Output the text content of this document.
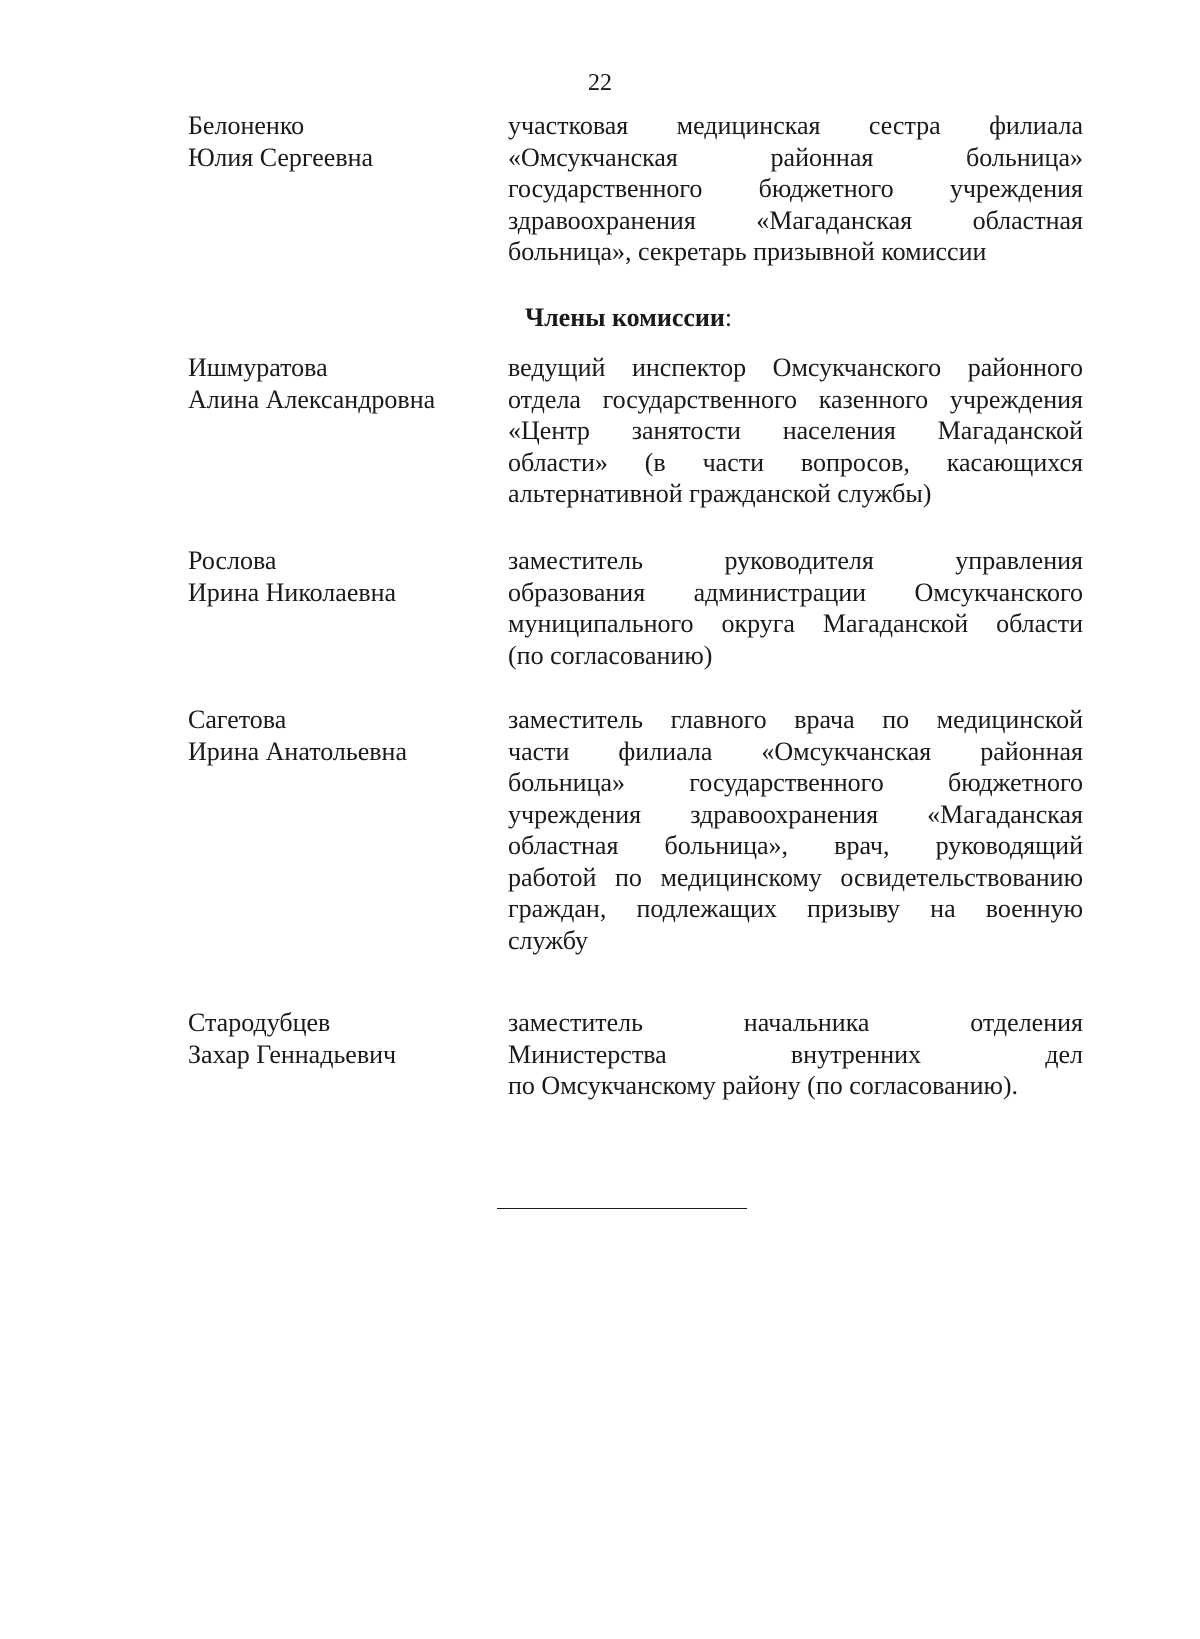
22
Белоненко
Юлия Сергеевна
участковая медицинская сестра филиала
«Омсукчанская районная больница»
государственного бюджетного учреждения
здравоохранения «Магаданская областная
больница», секретарь призывной комиссии
Члены комиссии:
Ишмуратова
Алина Александровна
ведущий инспектор Омсукчанского районного
отдела государственного казенного учреждения
«Центр занятости населения Магаданской
области» (в части вопросов, касающихся
альтернативной гражданской службы)
Рослова
Ирина Николаевна
заместитель руководителя управления
образования администрации Омсукчанского
муниципального округа Магаданской области
(по согласованию)
Сагетова
Ирина Анатольевна
заместитель главного врача по медицинской
части филиала «Омсукчанская районная
больница» государственного бюджетного
учреждения здравоохранения «Магаданская
областная больница», врач, руководящий
работой по медицинскому освидетельствованию
граждан, подлежащих призыву на военную
службу
Стародубцев
Захар Геннадьевич
заместитель начальника отделения
Министерства внутренних дел
по Омсукчанскому району (по согласованию).
